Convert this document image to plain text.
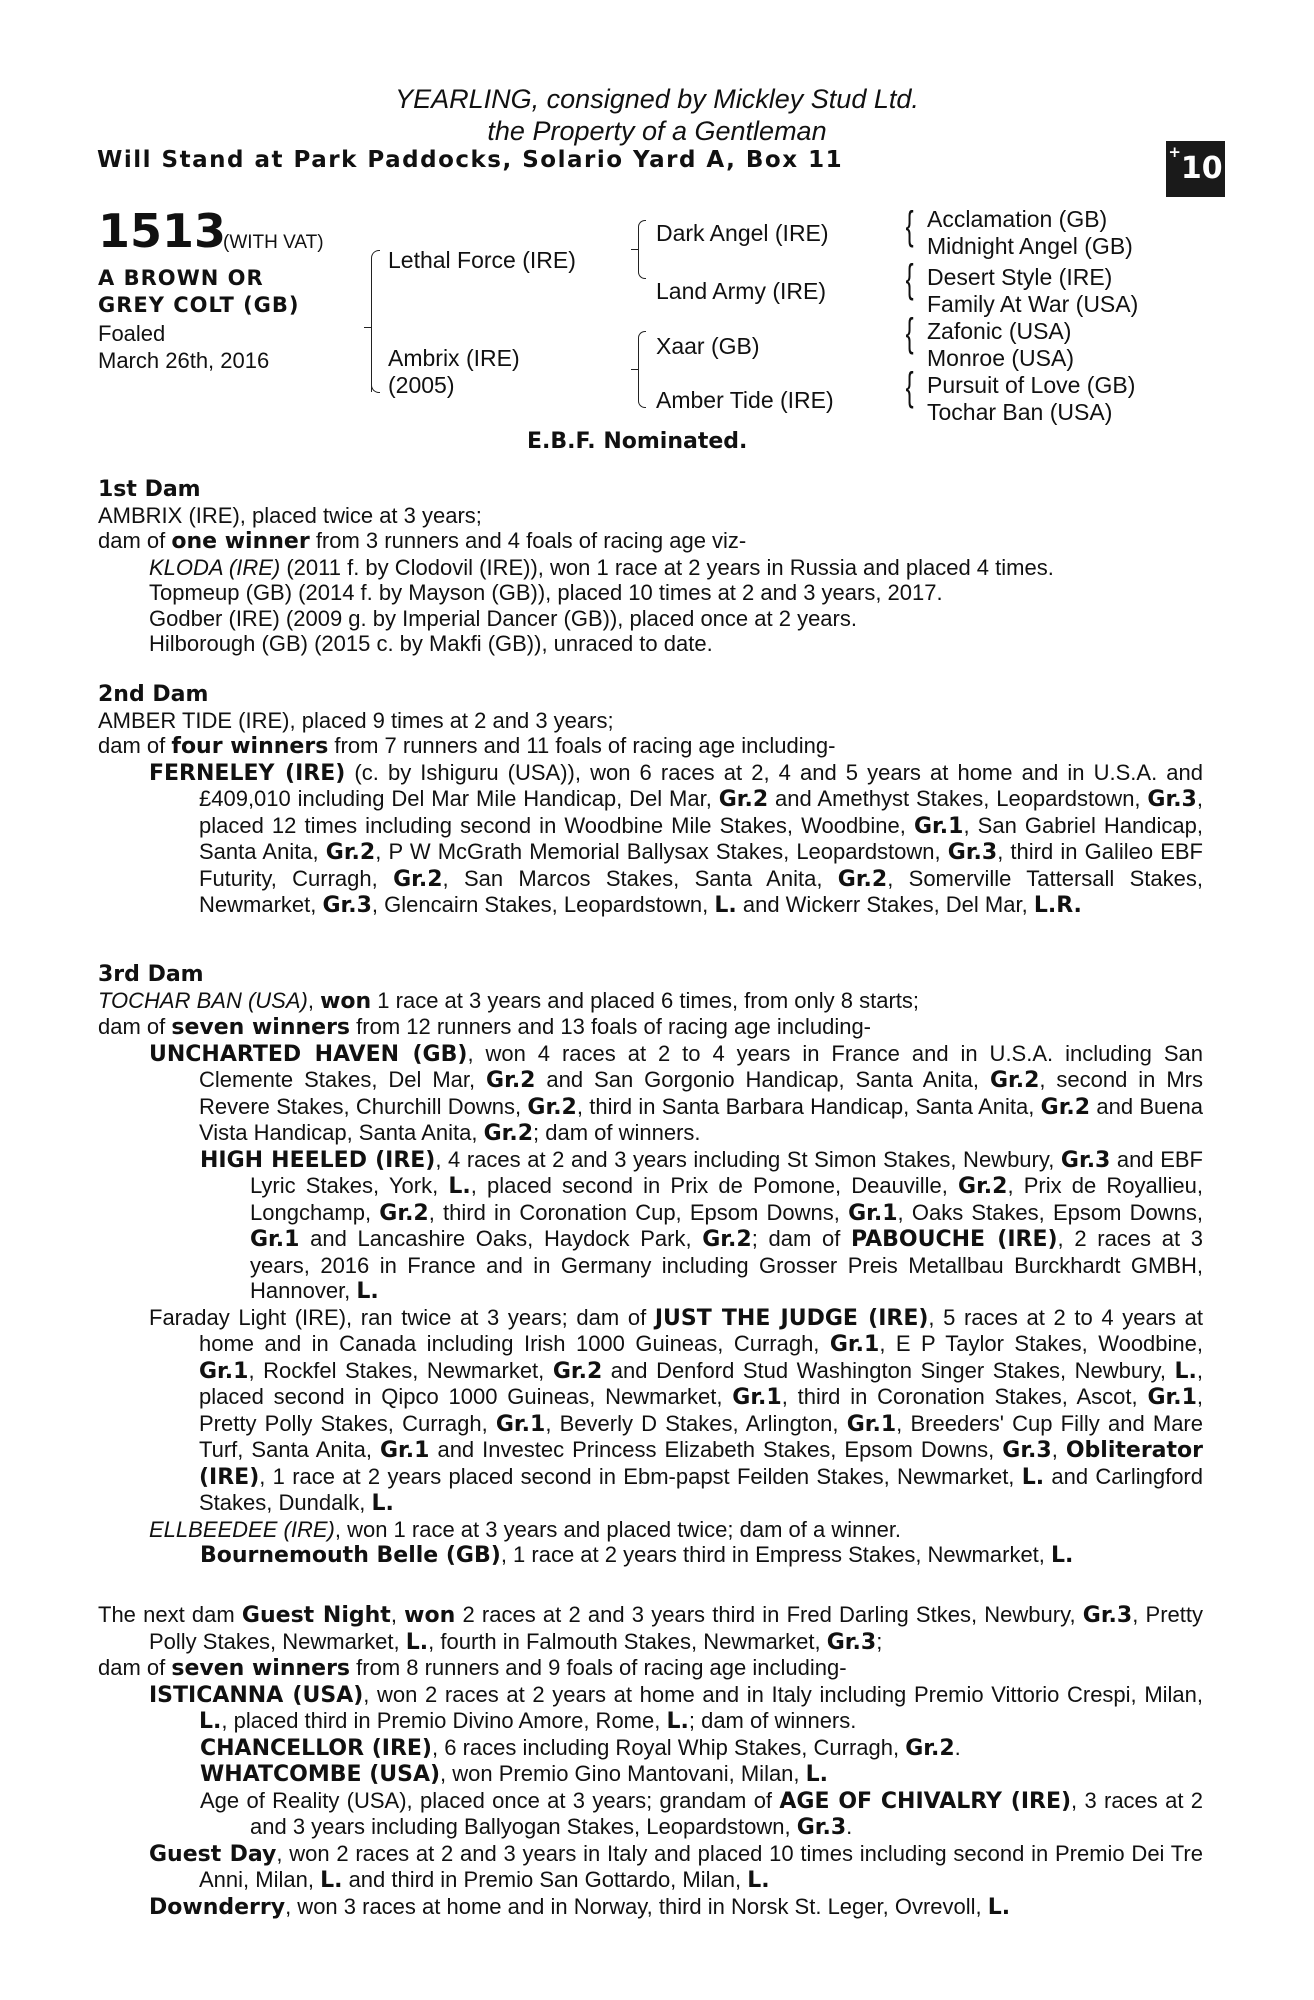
YEARLING, consigned by Mickley Stud Ltd.
the Property of a Gentleman
Will Stand at Park Paddocks, Solario Yard A, Box 11	+10
1513
(WITH VAT)
A BROWN OR
GREY COLT (GB)
Foaled
March 26th, 2016
Lethal Force (IRE)
Ambrix (IRE)
(2005)
Dark Angel (IRE)
Land Army (IRE)
Xaar (GB)
Amber Tide (IRE)
{
{
{
{
Acclamation (GB)
Midnight Angel (GB)
Desert Style (IRE)
Family At War (USA)
Zafonic (USA)
Monroe (USA)
Pursuit of Love (GB)
Tochar Ban (USA)
E.B.F. Nominated.
1st Dam

AMBRIX (IRE), placed twice at 3 years;

dam of one winner from 3 runners and 4 foals of racing age viz-

KLODA (IRE) (2011 f. by Clodovil (IRE)), won 1 race at 2 years in Russia and placed 4 times.

Topmeup (GB) (2014 f. by Mayson (GB)), placed 10 times at 2 and 3 years, 2017.

Godber (IRE) (2009 g. by Imperial Dancer (GB)), placed once at 2 years.

Hilborough (GB) (2015 c. by Makfi (GB)), unraced to date.

2nd Dam

AMBER TIDE (IRE), placed 9 times at 2 and 3 years;

dam of four winners from 7 runners and 11 foals of racing age including-

FERNELEY (IRE) (c. by Ishiguru (USA)), won 6 races at 2, 4 and 5 years at home and in U.S.A. and £409,010 including Del Mar Mile Handicap, Del Mar, Gr.2 and Amethyst Stakes, Leopardstown, Gr.3, placed 12 times including second in Woodbine Mile Stakes, Woodbine, Gr.1, San Gabriel Handicap, Santa Anita, Gr.2, P W McGrath Memorial Ballysax Stakes, Leopardstown, Gr.3, third in Galileo EBF Futurity, Curragh, Gr.2, San Marcos Stakes, Santa Anita, Gr.2, Somerville Tattersall Stakes, Newmarket, Gr.3, Glencairn Stakes, Leopardstown, L. and Wickerr Stakes, Del Mar, L.R.

3rd Dam

TOCHAR BAN (USA), won 1 race at 3 years and placed 6 times, from only 8 starts;

dam of seven winners from 12 runners and 13 foals of racing age including-

UNCHARTED HAVEN (GB), won 4 races at 2 to 4 years in France and in U.S.A. including San Clemente Stakes, Del Mar, Gr.2 and San Gorgonio Handicap, Santa Anita, Gr.2, second in Mrs Revere Stakes, Churchill Downs, Gr.2, third in Santa Barbara Handicap, Santa Anita, Gr.2 and Buena Vista Handicap, Santa Anita, Gr.2; dam of winners.

HIGH HEELED (IRE), 4 races at 2 and 3 years including St Simon Stakes, Newbury, Gr.3 and EBF Lyric Stakes, York, L., placed second in Prix de Pomone, Deauville, Gr.2, Prix de Royallieu, Longchamp, Gr.2, third in Coronation Cup, Epsom Downs, Gr.1, Oaks Stakes, Epsom Downs, Gr.1 and Lancashire Oaks, Haydock Park, Gr.2; dam of PABOUCHE (IRE), 2 races at 3 years, 2016 in France and in Germany including Grosser Preis Metallbau Burckhardt GMBH, Hannover, L.

Faraday Light (IRE), ran twice at 3 years; dam of JUST THE JUDGE (IRE), 5 races at 2 to 4 years at home and in Canada including Irish 1000 Guineas, Curragh, Gr.1, E P Taylor Stakes, Woodbine, Gr.1, Rockfel Stakes, Newmarket, Gr.2 and Denford Stud Washington Singer Stakes, Newbury, L., placed second in Qipco 1000 Guineas, Newmarket, Gr.1, third in Coronation Stakes, Ascot, Gr.1, Pretty Polly Stakes, Curragh, Gr.1, Beverly D Stakes, Arlington, Gr.1, Breeders' Cup Filly and Mare Turf, Santa Anita, Gr.1 and Investec Princess Elizabeth Stakes, Epsom Downs, Gr.3, Obliterator (IRE), 1 race at 2 years placed second in Ebm-papst Feilden Stakes, Newmarket, L. and Carlingford Stakes, Dundalk, L.

ELLBEEDEE (IRE), won 1 race at 3 years and placed twice; dam of a winner.

Bournemouth Belle (GB), 1 race at 2 years third in Empress Stakes, Newmarket, L.

The next dam Guest Night, won 2 races at 2 and 3 years third in Fred Darling Stkes, Newbury, Gr.3, Pretty Polly Stakes, Newmarket, L., fourth in Falmouth Stakes, Newmarket, Gr.3;

dam of seven winners from 8 runners and 9 foals of racing age including-

ISTICANNA (USA), won 2 races at 2 years at home and in Italy including Premio Vittorio Crespi, Milan, L., placed third in Premio Divino Amore, Rome, L.; dam of winners.

CHANCELLOR (IRE), 6 races including Royal Whip Stakes, Curragh, Gr.2.

WHATCOMBE (USA), won Premio Gino Mantovani, Milan, L.

Age of Reality (USA), placed once at 3 years; grandam of AGE OF CHIVALRY (IRE), 3 races at 2 and 3 years including Ballyogan Stakes, Leopardstown, Gr.3.

Guest Day, won 2 races at 2 and 3 years in Italy and placed 10 times including second in Premio Dei Tre Anni, Milan, L. and third in Premio San Gottardo, Milan, L.

Downderry, won 3 races at home and in Norway, third in Norsk St. Leger, Ovrevoll, L.
